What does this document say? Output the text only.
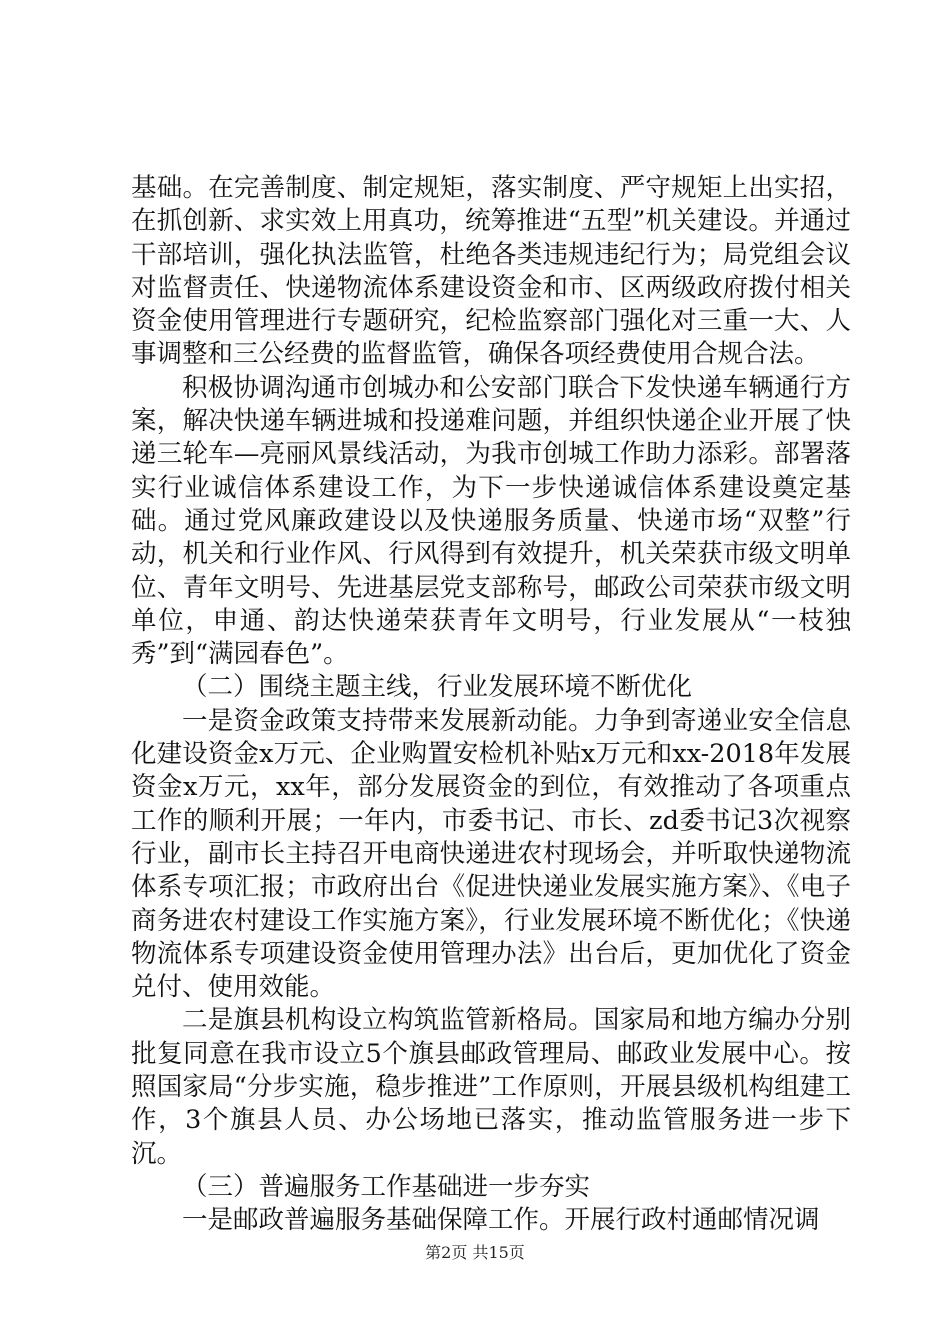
基础。在完善制度、制定规矩，落实制度、严守规矩上出实招，在抓创新、求实效上用真功，统筹推进“五型”机关建设。并通过干部培训，强化执法监管，杜绝各类违规违纪行为；局党组会议对监督责任、快递物流体系建设资金和市、区两级政府拨付相关资金使用管理进行专题研究，纪检监察部门强化对三重一大、人事调整和三公经费的监督监管，确保各项经费使用合规合法。

积极协调沟通市创城办和公安部门联合下发快递车辆通行方案，解决快递车辆进城和投递难问题，并组织快递企业开展了快递三轮车—亮丽风景线活动，为我市创城工作助力添彩。部署落实行业诚信体系建设工作，为下一步快递诚信体系建设奠定基础。通过党风廉政建设以及快递服务质量、快递市场“双整”行动，机关和行业作风、行风得到有效提升，机关荣获市级文明单位、青年文明号、先进基层党支部称号，邮政公司荣获市级文明单位，申通、韵达快递荣获青年文明号，行业发展从“一枝独秀”到“满园春色”。

（二）围绕主题主线，行业发展环境不断优化

一是资金政策支持带来发展新动能。力争到寄递业安全信息化建设资金x万元、企业购置安检机补贴x万元和xx-2018年发展资金x万元，xx年，部分发展资金的到位，有效推动了各项重点工作的顺利开展；一年内，市委书记、市长、zd委书记3次视察行业，副市长主持召开电商快递进农村现场会，并听取快递物流体系专项汇报；市政府出台《促进快递业发展实施方案》、《电子商务进农村建设工作实施方案》，行业发展环境不断优化；《快递物流体系专项建设资金使用管理办法》出台后，更加优化了资金兑付、使用效能。

二是旗县机构设立构筑监管新格局。国家局和地方编办分别批复同意在我市设立5个旗县邮政管理局、邮政业发展中心。按照国家局“分步实施，稳步推进”工作原则，开展县级机构组建工作，3个旗县人员、办公场地已落实，推动监管服务进一步下沉。

（三）普遍服务工作基础进一步夯实

一是邮政普遍服务基础保障工作。开展行政村通邮情况调

第2页 共15页
